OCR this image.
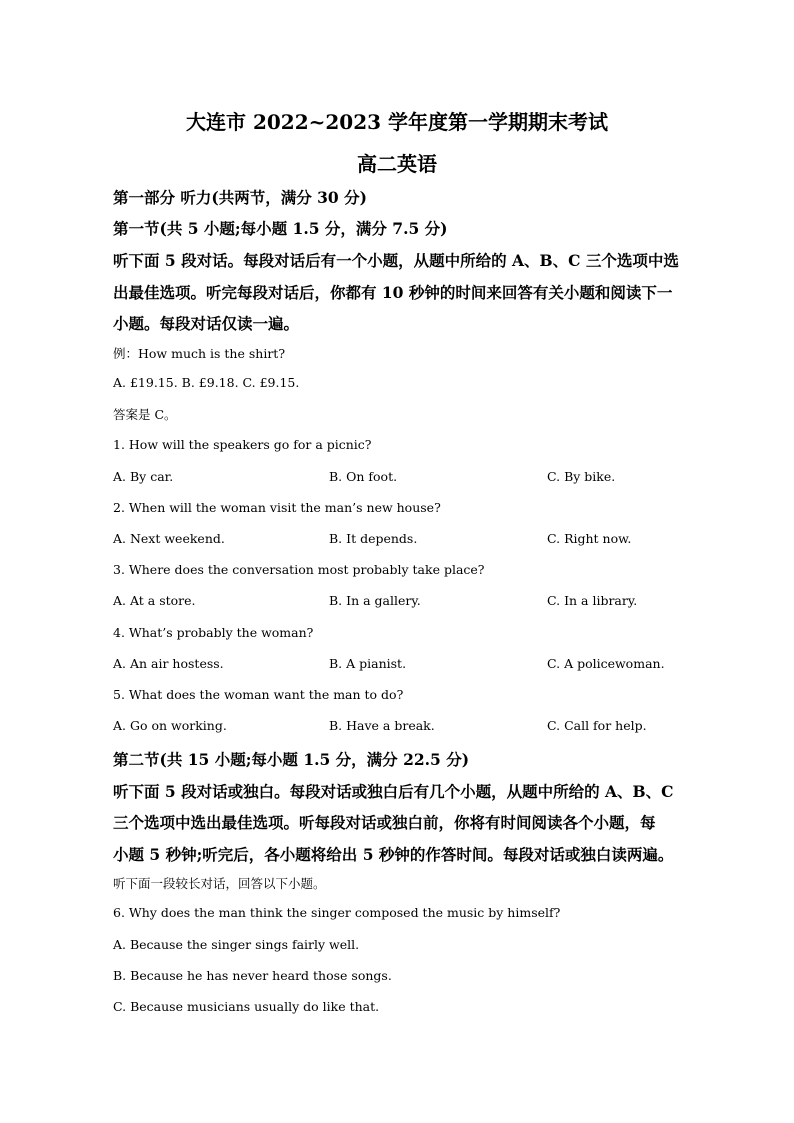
大连市 2022~2023 学年度第一学期期末考试
高二英语
第一部分 听力(共两节，满分 30 分)
第一节(共 5 小题;每小题 1.5 分，满分 7.5 分)
听下面 5 段对话。每段对话后有一个小题，从题中所给的 A、B、C 三个选项中选
出最佳选项。听完每段对话后，你都有 10 秒钟的时间来回答有关小题和阅读下一
小题。每段对话仅读一遍。
例：How much is the shirt?
A. £19.15. B. £9.18. C. £9.15.
答案是 C。
1. How will the speakers go for a picnic?
A. By car.	B. On foot.	C. By bike.
2. When will the woman visit the man’s new house?
A. Next weekend.	B. It depends.	C. Right now.
3. Where does the conversation most probably take place?
A. At a store.	B. In a gallery.	C. In a library.
4. What’s probably the woman?
A. An air hostess.	B. A pianist.	C. A policewoman.
5. What does the woman want the man to do?
A. Go on working.	B. Have a break.	C. Call for help.
第二节(共 15 小题;每小题 1.5 分，满分 22.5 分)
听下面 5 段对话或独白。每段对话或独白后有几个小题，从题中所给的 A、B、C
三个选项中选出最佳选项。听每段对话或独白前，你将有时间阅读各个小题，每
小题 5 秒钟;听完后，各小题将给出 5 秒钟的作答时间。每段对话或独白读两遍。
听下面一段较长对话，回答以下小题。
6. Why does the man think the singer composed the music by himself?
A. Because the singer sings fairly well.
B. Because he has never heard those songs.
C. Because musicians usually do like that.
